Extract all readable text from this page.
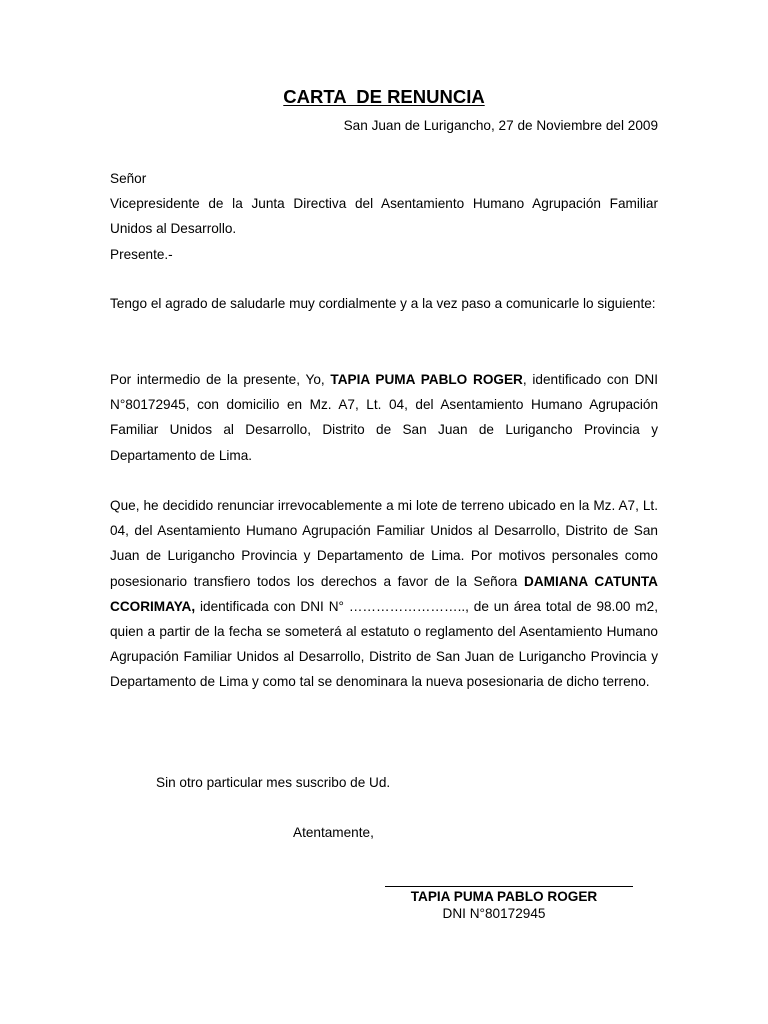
CARTA  DE RENUNCIA
San Juan de Lurigancho, 27 de Noviembre del 2009

Señor

Vicepresidente de la Junta Directiva del Asentamiento Humano Agrupación Familiar Unidos al Desarrollo.

Presente.-

Tengo el agrado de saludarle muy cordialmente y a la vez paso a comunicarle lo siguiente:

Por intermedio de la presente, Yo, TAPIA PUMA PABLO ROGER, identificado con DNI N°80172945, con domicilio en Mz. A7, Lt. 04, del Asentamiento Humano Agrupación Familiar Unidos al Desarrollo, Distrito de San Juan de Lurigancho Provincia y Departamento de Lima.

Que, he decidido renunciar irrevocablemente a mi lote de terreno ubicado en la Mz. A7, Lt. 04, del Asentamiento Humano Agrupación Familiar Unidos al Desarrollo, Distrito de San Juan de Lurigancho Provincia y Departamento de Lima. Por motivos personales como posesionario transfiero todos los derechos a favor de la Señora DAMIANA CATUNTA CCORIMAYA, identificada con DNI N° …………………….., de un área total de 98.00 m2, quien a partir de la fecha se someterá al estatuto o reglamento del Asentamiento Humano Agrupación Familiar Unidos al Desarrollo, Distrito de San Juan de Lurigancho Provincia y Departamento de Lima y como tal se denominara la nueva posesionaria de dicho terreno.

Sin otro particular mes suscribo de Ud.
Atentamente,
TAPIA PUMA PABLO ROGER
DNI N°80172945
